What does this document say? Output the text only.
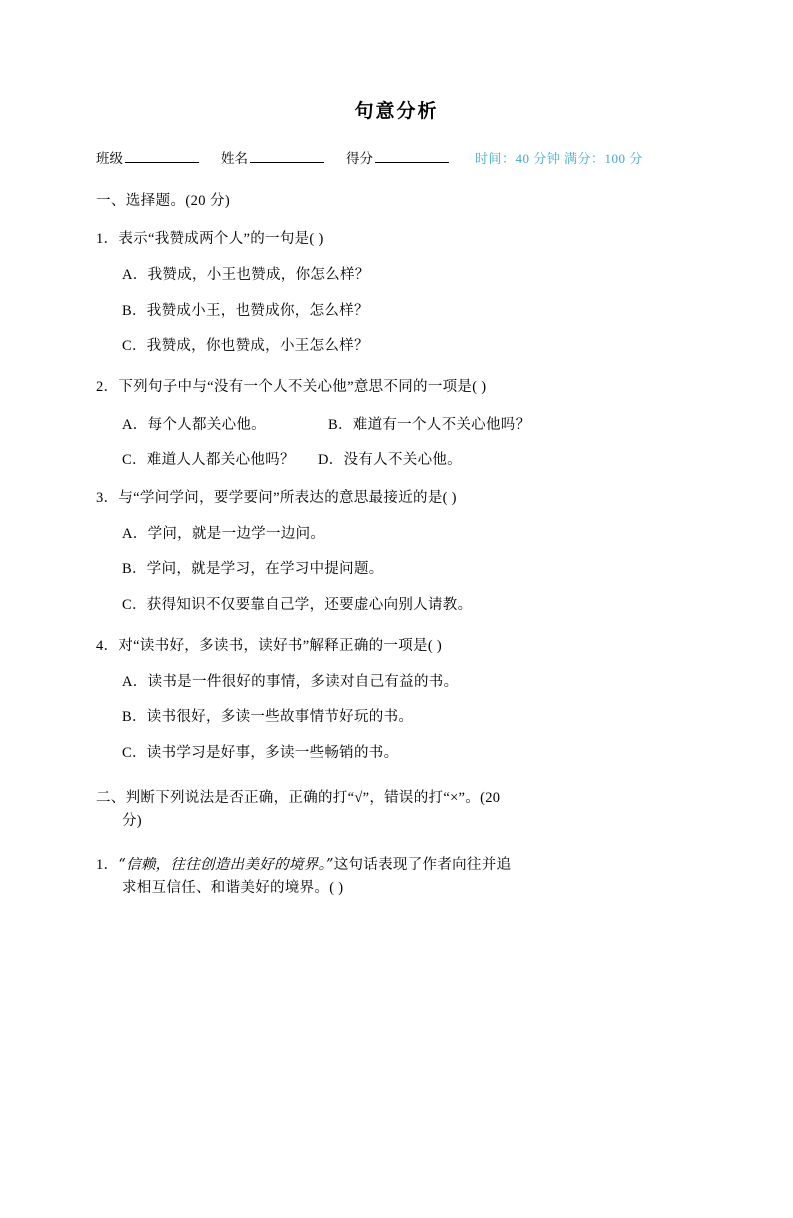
句意分析
班级	姓名	得分	时间：40 分钟 满分：100 分
一、选择题。(20 分)
1．表示“我赞成两个人”的一句是( )
A．我赞成，小王也赞成，你怎么样？
B．我赞成小王，也赞成你，怎么样？
C．我赞成，你也赞成，小王怎么样？
2．下列句子中与“没有一个人不关心他”意思不同的一项是( )
A．每个人都关心他。	B．难道有一个人不关心他吗？
C．难道人人都关心他吗？	D．没有人不关心他。
3．与“学问学问，要学要问”所表达的意思最接近的是( )
A．学问，就是一边学一边问。
B．学问，就是学习，在学习中提问题。
C．获得知识不仅要靠自己学，还要虚心向别人请教。
4．对“读书好，多读书，读好书”解释正确的一项是( )
A．读书是一件很好的事情，多读对自己有益的书。
B．读书很好，多读一些故事情节好玩的书。
C．读书学习是好事，多读一些畅销的书。
二、判断下列说法是否正确，正确的打“√”，错误的打“×”。(20
分)
1．“信赖，往往创造出美好的境界。”这句话表现了作者向往并追
求相互信任、和谐美好的境界。( )
